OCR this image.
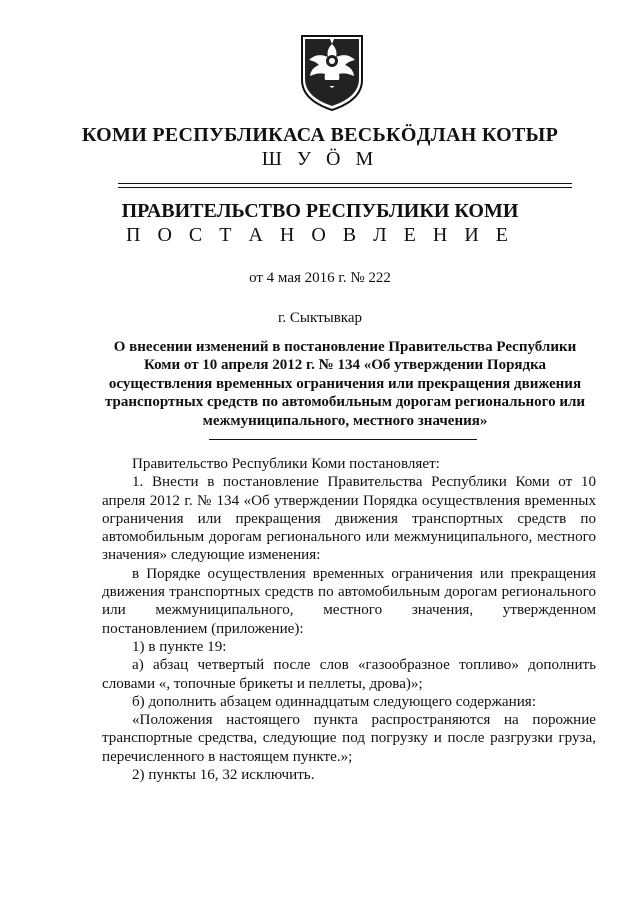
КОМИ РЕСПУБЛИКАСА ВЕСЬКӦДЛАН КОТЫР
Ш У Ӧ М
ПРАВИТЕЛЬСТВО РЕСПУБЛИКИ КОМИ
П О С Т А Н О В Л Е Н И Е
от 4 мая 2016 г. № 222
г. Сыктывкар
О внесении изменений в постановление Правительства Республики Коми от 10 апреля 2012 г. № 134 «Об утверждении Порядка осуществления временных ограничения или прекращения движения транспортных средств по автомобильным дорогам регионального или межмуниципального, местного значения»

Правительство Республики Коми постановляет:

1. Внести в постановление Правительства Республики Коми от 10 апреля 2012 г. № 134 «Об утверждении Порядка осуществления временных ограничения или прекращения движения транспортных средств по автомобильным дорогам регионального или межмуниципального, местного значения» следующие изменения:

в Порядке осуществления временных ограничения или прекращения движения транспортных средств по автомобильным дорогам регионального или межмуниципального, местного значения, утвержденном постановлением (приложение):

1) в пункте 19:

а) абзац четвертый после слов «газообразное топливо» дополнить словами «, топочные брикеты и пеллеты, дрова)»;

б) дополнить абзацем одиннадцатым следующего содержания:

«Положения настоящего пункта распространяются на порожние транспортные средства, следующие под погрузку и после разгрузки груза, перечисленного в настоящем пункте.»;

2) пункты 16, 32 исключить.
